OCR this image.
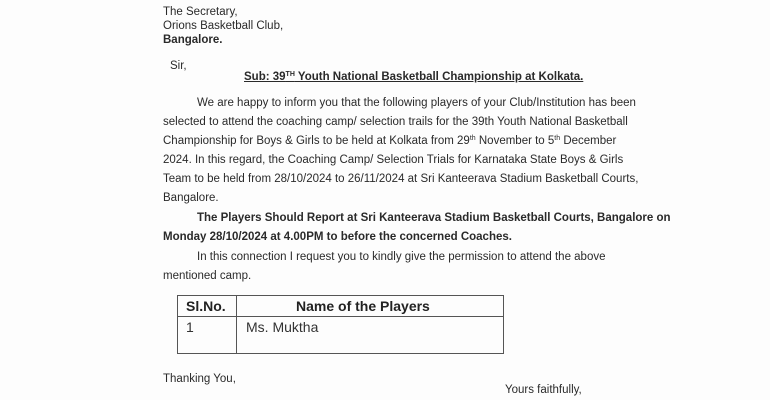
The Secretary,
Orions Basketball Club,
Bangalore.
Sir,
Sub: 39TH Youth National Basketball Championship at Kolkata.
We are happy to inform you that the following players of your Club/Institution has been
selected to attend the coaching camp/ selection trails for the 39th Youth National Basketball
Championship for Boys & Girls to be held at Kolkata from 29th November to 5th December
2024. In this regard, the Coaching Camp/ Selection Trials for Karnataka State Boys & Girls
Team to be held from 28/10/2024 to 26/11/2024 at Sri Kanteerava Stadium Basketball Courts,
Bangalore.
The Players Should Report at Sri Kanteerava Stadium Basketball Courts, Bangalore on
Monday 28/10/2024 at 4.00PM to before the concerned Coaches.
In this connection I request you to kindly give the permission to attend the above
mentioned camp.
Sl.No.	Name of the Players
1	Ms. Muktha
Thanking You,
Yours faithfully,
